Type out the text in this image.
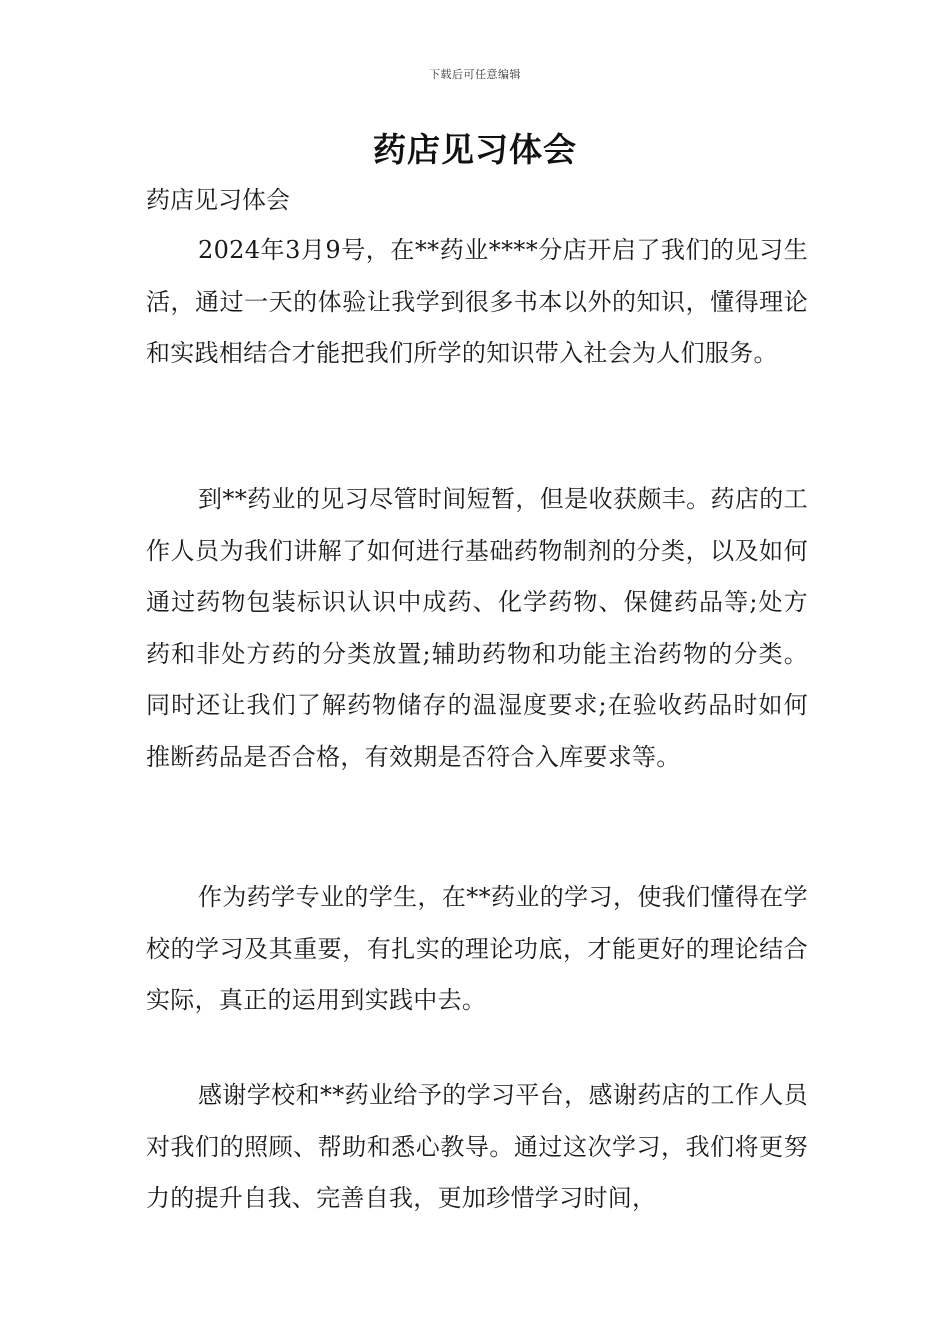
下载后可任意编辑
药店见习体会

药店见习体会

2024年3月9号，在**药业****分店开启了我们的见习生活，通过一天的体验让我学到很多书本以外的知识，懂得理论和实践相结合才能把我们所学的知识带入社会为人们服务。

到**药业的见习尽管时间短暂，但是收获颇丰。药店的工作人员为我们讲解了如何进行基础药物制剂的分类，以及如何通过药物包装标识认识中成药、化学药物、保健药品等;处方药和非处方药的分类放置;辅助药物和功能主治药物的分类。同时还让我们了解药物储存的温湿度要求;在验收药品时如何推断药品是否合格，有效期是否符合入库要求等。

作为药学专业的学生，在**药业的学习，使我们懂得在学校的学习及其重要，有扎实的理论功底，才能更好的理论结合实际，真正的运用到实践中去。

感谢学校和**药业给予的学习平台，感谢药店的工作人员对我们的照顾、帮助和悉心教导。通过这次学习，我们将更努力的提升自我、完善自我，更加珍惜学习时间，
